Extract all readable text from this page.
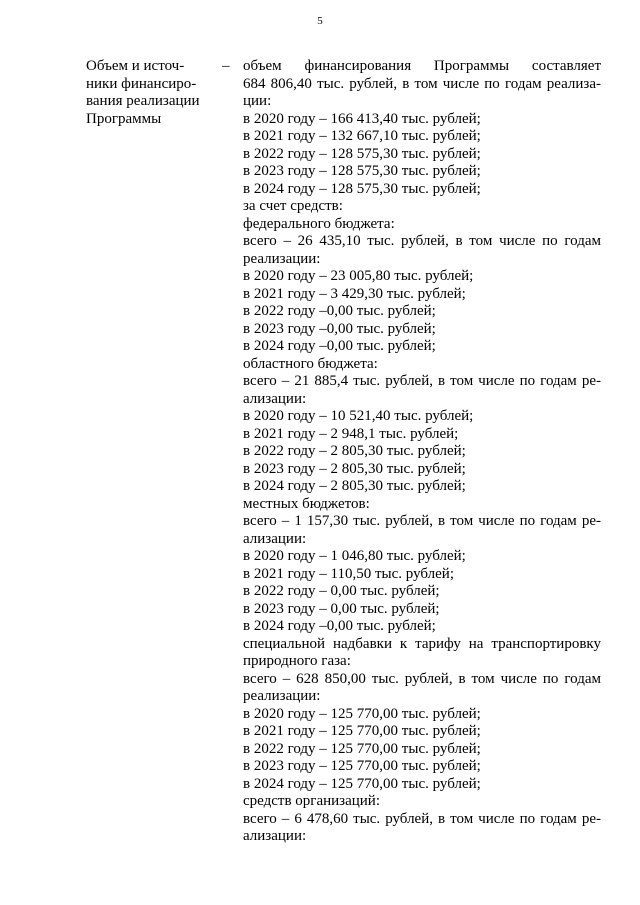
5
Объем и источ-
ники финансиро-
вания реализации
Программы
– объем финансирования Программы составляет
684 806,40 тыс. рублей, в том числе по годам реализа-
ции:
в 2020 году – 166 413,40 тыс. рублей;
в 2021 году – 132 667,10 тыс. рублей;
в 2022 году – 128 575,30 тыс. рублей;
в 2023 году – 128 575,30 тыс. рублей;
в 2024 году – 128 575,30 тыс. рублей;
за счет средств:
федерального бюджета:
всего – 26 435,10 тыс. рублей, в том числе по годам
реализации:
в 2020 году – 23 005,80 тыс. рублей;
в 2021 году – 3 429,30 тыс. рублей;
в 2022 году –0,00 тыс. рублей;
в 2023 году –0,00 тыс. рублей;
в 2024 году –0,00 тыс. рублей;
областного бюджета:
всего – 21 885,4 тыс. рублей, в том числе по годам ре-
ализации:
в 2020 году – 10 521,40 тыс. рублей;
в 2021 году – 2 948,1 тыс. рублей;
в 2022 году – 2 805,30 тыс. рублей;
в 2023 году – 2 805,30 тыс. рублей;
в 2024 году – 2 805,30 тыс. рублей;
местных бюджетов:
всего – 1 157,30 тыс. рублей, в том числе по годам ре-
ализации:
в 2020 году – 1 046,80 тыс. рублей;
в 2021 году – 110,50 тыс. рублей;
в 2022 году – 0,00 тыс. рублей;
в 2023 году – 0,00 тыс. рублей;
в 2024 году –0,00 тыс. рублей;
специальной надбавки к тарифу на транспортировку
природного газа:
всего – 628 850,00 тыс. рублей, в том числе по годам
реализации:
в 2020 году – 125 770,00 тыс. рублей;
в 2021 году – 125 770,00 тыс. рублей;
в 2022 году – 125 770,00 тыс. рублей;
в 2023 году – 125 770,00 тыс. рублей;
в 2024 году – 125 770,00 тыс. рублей;
средств организаций:
всего – 6 478,60 тыс. рублей, в том числе по годам ре-
ализации:
